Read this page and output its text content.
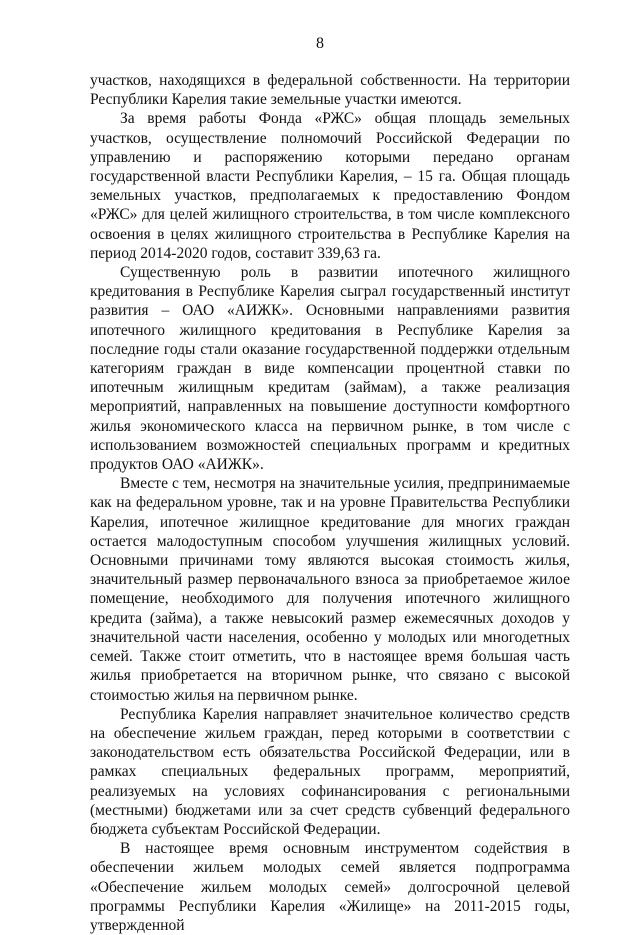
8

участков, находящихся в федеральной собственности. На территории Республики Карелия такие земельные участки имеются.

За время работы Фонда «РЖС» общая площадь земельных участков, осуществление полномочий Российской Федерации по управлению и распоряжению которыми передано органам государственной власти Республики Карелия, – 15 га. Общая площадь земельных участков, предполагаемых к предоставлению Фондом «РЖС» для целей жилищного строительства, в том числе комплексного освоения в целях жилищного строительства в Республике Карелия на период 2014-2020 годов, составит 339,63 га.

Существенную роль в развитии ипотечного жилищного кредитования в Республике Карелия сыграл государственный институт развития – ОАО «АИЖК». Основными направлениями развития ипотечного жилищного кредитования в Республике Карелия за последние годы стали оказание государственной поддержки отдельным категориям граждан в виде компенсации процентной ставки по ипотечным жилищным кредитам (займам), а также реализация мероприятий, направленных на повышение доступности комфортного жилья экономического класса на первичном рынке, в том числе с использованием возможностей специальных программ и кредитных продуктов ОАО «АИЖК».

Вместе с тем, несмотря на значительные усилия, предпринимаемые как на федеральном уровне, так и на уровне Правительства Республики Карелия, ипотечное жилищное кредитование для многих граждан остается малодоступным способом улучшения жилищных условий. Основными причинами тому являются высокая стоимость жилья, значительный размер первоначального взноса за приобретаемое жилое помещение, необходимого для получения ипотечного жилищного кредита (займа), а также невысокий размер ежемесячных доходов у значительной части населения, особенно у молодых или многодетных семей. Также стоит отметить, что в настоящее время большая часть жилья приобретается на вторичном рынке, что связано с высокой стоимостью жилья на первичном рынке.

Республика Карелия направляет значительное количество средств на обеспечение жильем граждан, перед которыми в соответствии с законодательством есть обязательства Российской Федерации, или в рамках специальных федеральных программ, мероприятий, реализуемых на условиях софинансирования с региональными (местными) бюджетами или за счет средств субвенций федерального бюджета субъектам Российской Федерации.

В настоящее время основным инструментом содействия в обеспечении жильем молодых семей является подпрограмма «Обеспечение жильем молодых семей» долгосрочной целевой программы Республики Карелия «Жилище» на 2011-2015 годы, утвержденной
